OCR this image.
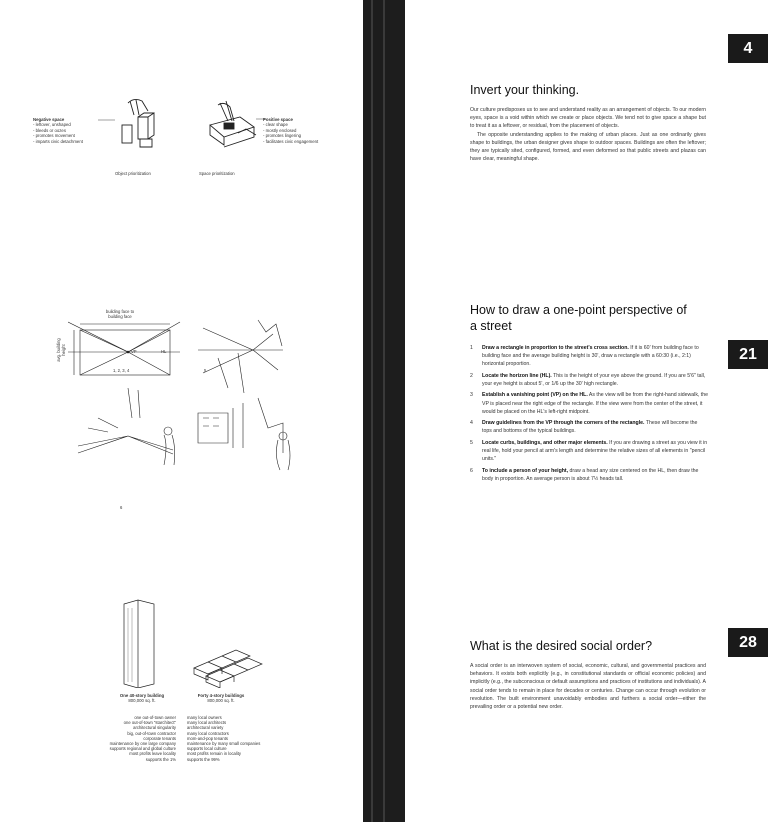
Negative space
- leftover, unshaped
- bleeds or oozes
- promotes movement
- imparts civic detachment
Positive space
- clear shape
- mostly enclosed
- promotes lingering
- facilitates civic engagement
Object prioritization	Space prioritization
building face to
building face
avg. building height	VP	HL
1, 2, 3, 4	5
6
One 40-story building
800,000 sq. ft.
Forty 4-story buildings
800,000 sq. ft.
one out-of-town owner
one out-of-town "starchitect"
architectural singularity
big, out-of-town contractor
corporate tenants
maintenance by one large company
supports regional and global culture
most profits leave locality
supports the 1%
many local owners
many local architects
architectural variety
many local contractors
mom-and-pop tenants
maintenance by many small companies
supports local culture
most profits remain in locality
supports the 99%
4
Invert your thinking.

Our culture predisposes us to see and understand reality as an arrangement of objects. To our modern eyes, space is a void within which we create or place objects. We tend not to give space a shape but to treat it as a leftover, or residual, from the placement of objects.

The opposite understanding applies to the making of urban places. Just as one ordinarily gives shape to buildings, the urban designer gives shape to outdoor spaces. Buildings are often the leftover; they are typically sited, configured, formed, and even deformed so that public streets and plazas can have clear, meaningful shape.

21
How to draw a one-point perspective of
a street
1	Draw a rectangle in proportion to the street's cross section. If it is 60' from building face to building face and the average building height is 30', draw a rectangle with a 60:30 (i.e., 2:1) horizontal proportion.
2	Locate the horizon line (HL). This is the height of your eye above the ground. If you are 5'6" tall, your eye height is about 5', or 1/6 up the 30' high rectangle.
3	Establish a vanishing point (VP) on the HL. As the view will be from the right-hand sidewalk, the VP is placed near the right edge of the rectangle. If the view were from the center of the street, it would be placed on the HL's left-right midpoint.
4	Draw guidelines from the VP through the corners of the rectangle. These will become the tops and bottoms of the typical buildings.
5	Locate curbs, buildings, and other major elements. If you are drawing a street as you view it in real life, hold your pencil at arm's length and determine the relative sizes of all elements in "pencil units."
6	To include a person of your height, draw a head any size centered on the HL, then draw the body in proportion. An average person is about 7½ heads tall.
28
What is the desired social order?

A social order is an interwoven system of social, economic, cultural, and governmental practices and behaviors. It exists both explicitly (e.g., in constitutional standards or official economic policies) and implicitly (e.g., the subconscious or default assumptions and practices of institutions and individuals). A social order tends to remain in place for decades or centuries. Change can occur through evolution or revolution. The built environment unavoidably embodies and furthers a social order—either the prevailing order or a potential new order.
